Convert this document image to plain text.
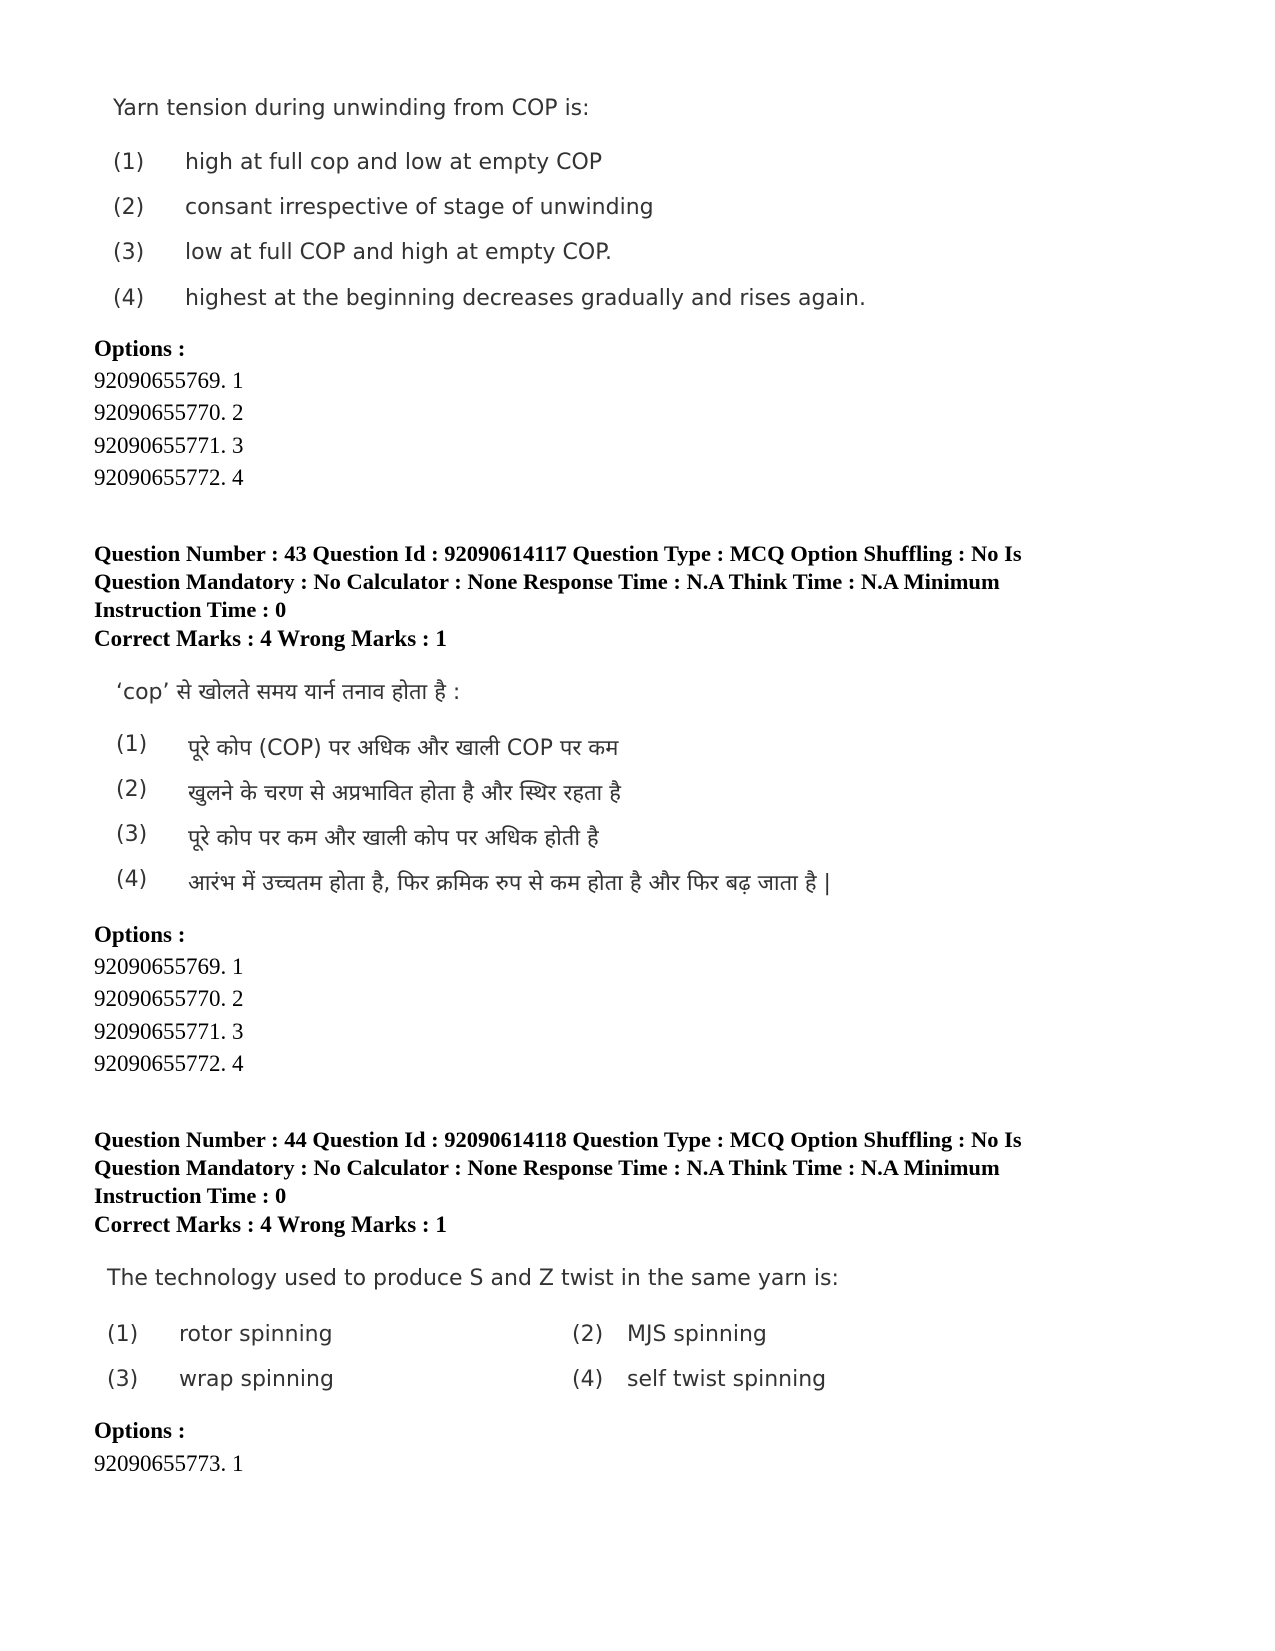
Yarn tension during unwinding from COP is:
(1) high at full cop and low at empty COP
(2) consant irrespective of stage of unwinding
(3) low at full COP and high at empty COP.
(4) highest at the beginning decreases gradually and rises again.
Options :
92090655769. 1
92090655770. 2
92090655771. 3
92090655772. 4
Question Number : 43 Question Id : 92090614117 Question Type : MCQ Option Shuffling : No Is
Question Mandatory : No Calculator : None Response Time : N.A Think Time : N.A Minimum
Instruction Time : 0
Correct Marks : 4 Wrong Marks : 1
‘cop’ से खोलते समय यार्न तनाव होता है :
(1) पूरे कोप (COP) पर अधिक और खाली COP पर कम
(2) खुलने के चरण से अप्रभावित होता है और स्थिर रहता है
(3) पूरे कोप पर कम और खाली कोप पर अधिक होती है
(4) आरंभ में उच्चतम होता है, फिर क्रमिक रुप से कम होता है और फिर बढ़ जाता है |
Options :
92090655769. 1
92090655770. 2
92090655771. 3
92090655772. 4
Question Number : 44 Question Id : 92090614118 Question Type : MCQ Option Shuffling : No Is
Question Mandatory : No Calculator : None Response Time : N.A Think Time : N.A Minimum
Instruction Time : 0
Correct Marks : 4 Wrong Marks : 1
The technology used to produce S and Z twist in the same yarn is:
(1) rotor spinning	(2) MJS spinning
(3) wrap spinning	(4) self twist spinning
Options :
92090655773. 1
